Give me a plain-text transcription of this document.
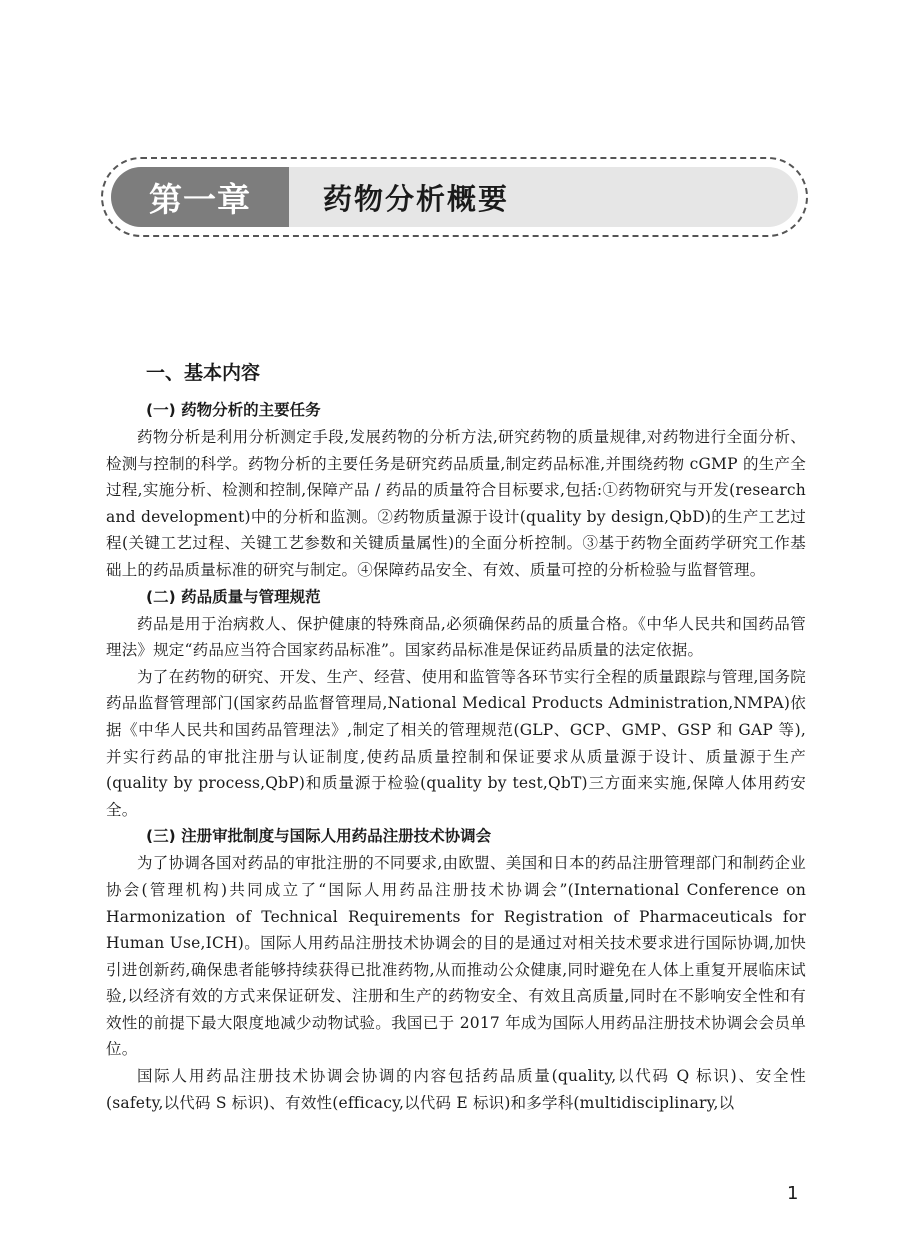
第一章	药物分析概要
一、基本内容
(一) 药物分析的主要任务

药物分析是利用分析测定手段,发展药物的分析方法,研究药物的质量规律,对药物进行全面分析、检测与控制的科学。药物分析的主要任务是研究药品质量,制定药品标准,并围绕药物 cGMP 的生产全过程,实施分析、检测和控制,保障产品 / 药品的质量符合目标要求,包括:①药物研究与开发(research and development)中的分析和监测。②药物质量源于设计(quality by design,QbD)的生产工艺过程(关键工艺过程、关键工艺参数和关键质量属性)的全面分析控制。③基于药物全面药学研究工作基础上的药品质量标准的研究与制定。④保障药品安全、有效、质量可控的分析检验与监督管理。

(二) 药品质量与管理规范

药品是用于治病救人、保护健康的特殊商品,必须确保药品的质量合格。《中华人民共和国药品管理法》规定“药品应当符合国家药品标准”。国家药品标准是保证药品质量的法定依据。

为了在药物的研究、开发、生产、经营、使用和监管等各环节实行全程的质量跟踪与管理,国务院药品监督管理部门(国家药品监督管理局,National Medical Products Administration,NMPA)依据《中华人民共和国药品管理法》,制定了相关的管理规范(GLP、GCP、GMP、GSP 和 GAP 等),并实行药品的审批注册与认证制度,使药品质量控制和保证要求从质量源于设计、质量源于生产(quality by process,QbP)和质量源于检验(quality by test,QbT)三方面来实施,保障人体用药安全。

(三) 注册审批制度与国际人用药品注册技术协调会

为了协调各国对药品的审批注册的不同要求,由欧盟、美国和日本的药品注册管理部门和制药企业协会(管理机构)共同成立了“国际人用药品注册技术协调会”(International Conference on Harmonization of Technical Requirements for Registration of Pharmaceuticals for Human Use,ICH)。国际人用药品注册技术协调会的目的是通过对相关技术要求进行国际协调,加快引进创新药,确保患者能够持续获得已批准药物,从而推动公众健康,同时避免在人体上重复开展临床试验,以经济有效的方式来保证研发、注册和生产的药物安全、有效且高质量,同时在不影响安全性和有效性的前提下最大限度地减少动物试验。我国已于 2017 年成为国际人用药品注册技术协调会会员单位。

国际人用药品注册技术协调会协调的内容包括药品质量(quality,以代码 Q 标识)、安全性(safety,以代码 S 标识)、有效性(efficacy,以代码 E 标识)和多学科(multidisciplinary,以

1
